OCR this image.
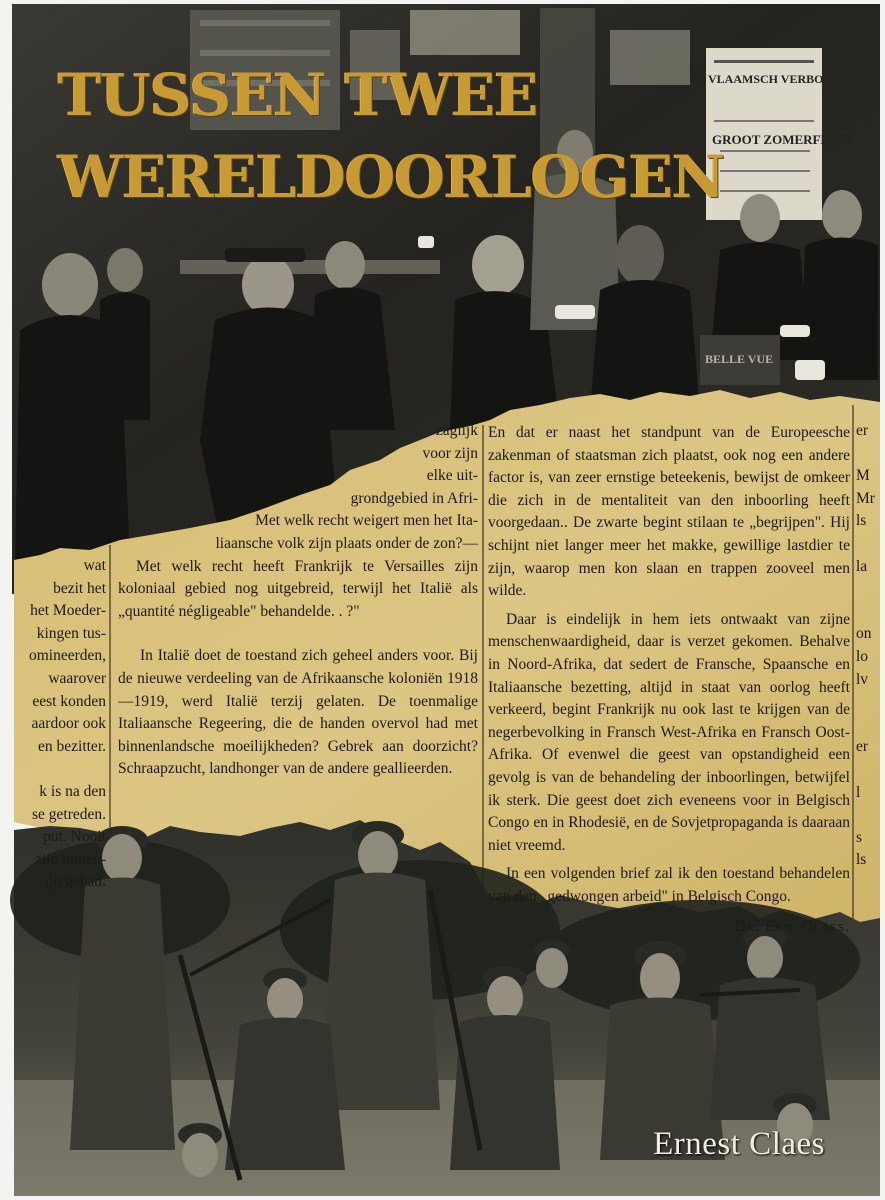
VLAAMSCH VERBOND
GROOT ZOMERFEEST
BELLE VUE
wat
bezit het
het Moeder-
kingen tus-
omineerden,
waarover
eest konden
aardoor ook
en bezitter.

k is na den
se getreden.
put. Nooit
zijn buiten-
ijn gehad.
zaglijk
voor zijn
elke uit-
grondgebied in Afri-
Met welk recht weigert men het Ita-
liaansche volk zijn plaats onder de zon?—

Met welk recht heeft Frankrijk te Versailles zijn koloniaal gebied nog uitgebreid, terwijl het Italië als „quantité négligeable" behandelde. . ?"

In Italië doet de toestand zich geheel anders voor. Bij de nieuwe verdeeling van de Afrikaansche koloniën 1918—1919, werd Italië terzij gelaten. De toenmalige Italiaansche Regeering, die de handen overvol had met binnenlandsche moeilijkheden? Gebrek aan doorzicht? Schraapzucht, landhonger van de andere geallieerden.

En dat er naast het standpunt van de Europeesche zakenman of staatsman zich plaatst, ook nog een andere factor is, van zeer ernstige beteekenis, bewijst de omkeer die zich in de mentaliteit van den inboorling heeft voorgedaan.. De zwarte begint stilaan te „begrijpen". Hij schijnt niet langer meer het makke, gewillige lastdier te zijn, waarop men kon slaan en trappen zooveel men wilde.

Daar is eindelijk in hem iets ontwaakt van zijne menschenwaardigheid, daar is verzet gekomen. Behalve in Noord-Afrika, dat sedert de Fransche, Spaansche en Italiaansche bezetting, altijd in staat van oorlog heeft verkeerd, begint Frankrijk nu ook last te krijgen van de negerbevolking in Fransch West-Afrika en Fransch Oost-Afrika. Of evenwel die geest van opstandigheid een gevolg is van de behandeling der inboorlingen, betwijfel ik sterk. Die geest doet zich eveneens voor in Belgisch Congo en in Rhodesië, en de Sovjetpropaganda is daaraan niet vreemd.

In een volgenden brief zal ik den toestand behandelen van den „gedwongen arbeid" in Belgisch Congo.

Dr. Ern. Claes.

er

M
Mr
ls

la

on
lo
lv

er

l

s
ls
TUSSEN TWEE
WERELDOORLOGEN

Ernest Claes
